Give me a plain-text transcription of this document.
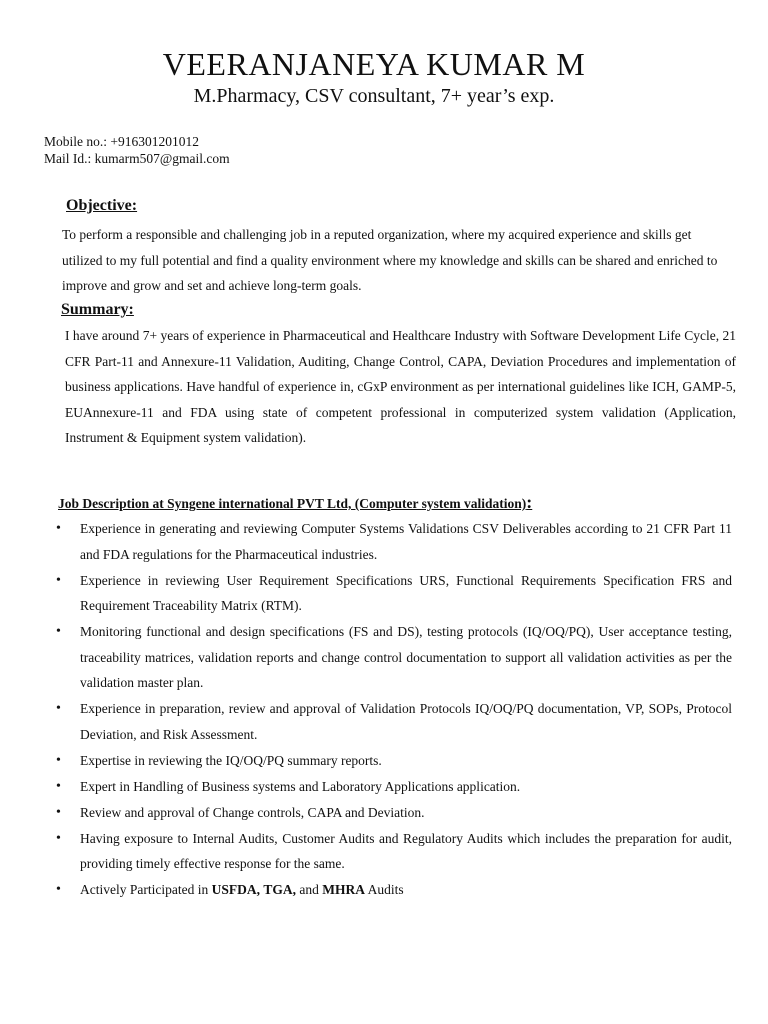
VEERANJANEYA KUMAR M
M.Pharmacy, CSV consultant, 7+ year’s exp.
Mobile no.: +916301201012
Mail Id.: kumarm507@gmail.com
Objective:
To perform a responsible and challenging job in a reputed organization, where my acquired experience and skills get utilized to my full potential and find a quality environment where my knowledge and skills can be shared and enriched to improve and grow and set and achieve long-term goals.
Summary:
I have around 7+ years of experience in Pharmaceutical and Healthcare Industry with Software Development Life Cycle, 21 CFR Part-11 and Annexure-11 Validation, Auditing, Change Control, CAPA, Deviation Procedures and implementation of business applications. Have handful of experience in, cGxP environment as per international guidelines like ICH, GAMP-5, EUAnnexure-11 and FDA using state of competent professional in computerized system validation (Application, Instrument & Equipment system validation).
Job Description at Syngene international PVT Ltd, (Computer system validation):
• Experience in generating and reviewing Computer Systems Validations CSV Deliverables according to 21 CFR Part 11 and FDA regulations for the Pharmaceutical industries.
• Experience in reviewing User Requirement Specifications URS, Functional Requirements Specification FRS and Requirement Traceability Matrix (RTM).
• Monitoring functional and design specifications (FS and DS), testing protocols (IQ/OQ/PQ), User acceptance testing, traceability matrices, validation reports and change control documentation to support all validation activities as per the validation master plan.
• Experience in preparation, review and approval of Validation Protocols IQ/OQ/PQ documentation, VP, SOPs, Protocol Deviation, and Risk Assessment.
• Expertise in reviewing the IQ/OQ/PQ summary reports.
• Expert in Handling of Business systems and Laboratory Applications application.
• Review and approval of Change controls, CAPA and Deviation.
• Having exposure to Internal Audits, Customer Audits and Regulatory Audits which includes the preparation for audit, providing timely effective response for the same.
• Actively Participated in USFDA, TGA, and MHRA Audits
